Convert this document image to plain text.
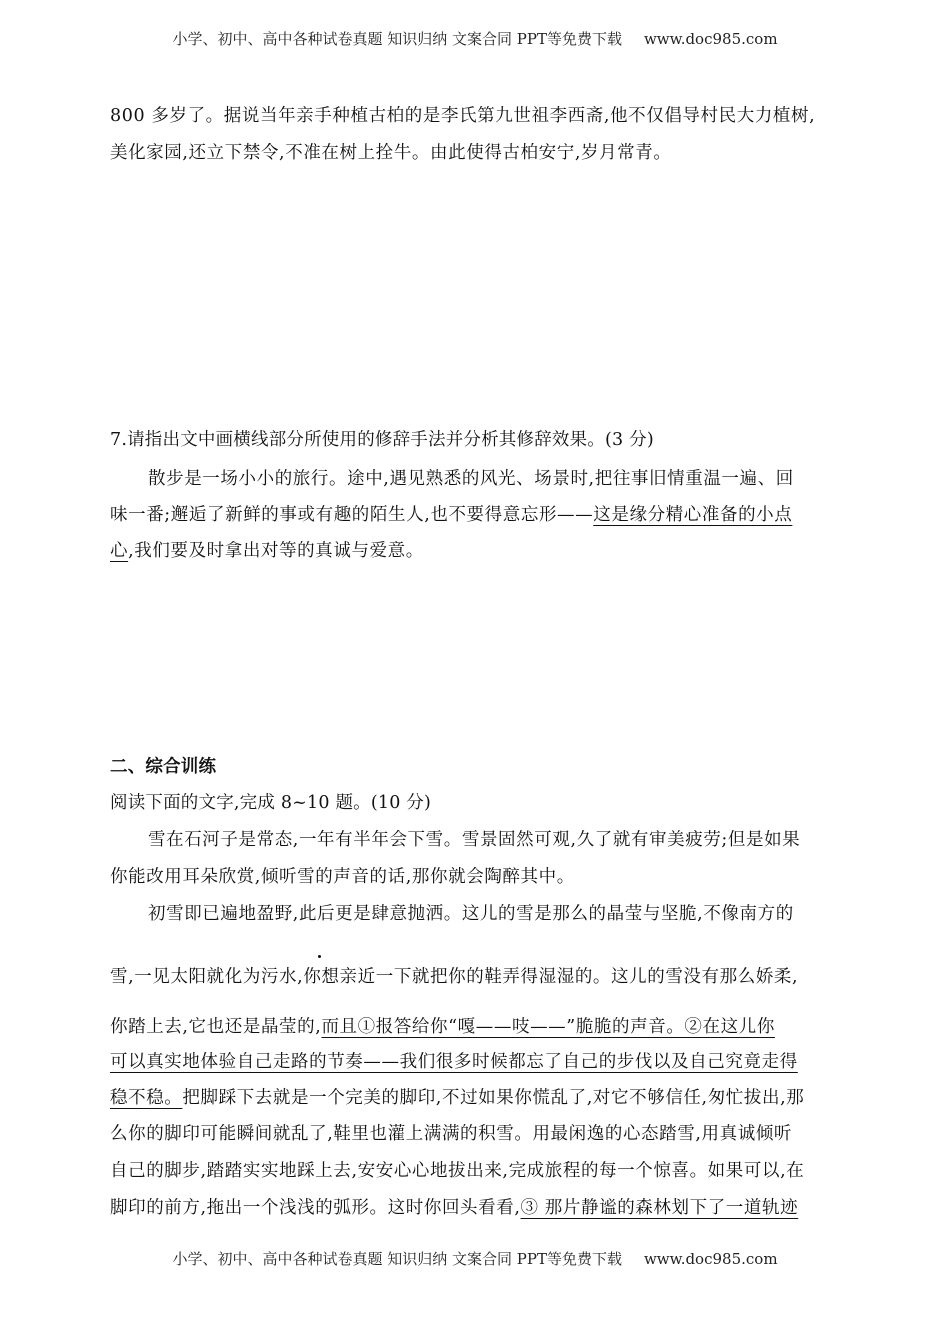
小学、初中、高中各种试卷真题 知识归纳 文案合同 PPT等免费下载 www.doc985.com
800 多岁了。据说当年亲手种植古柏的是李氏第九世祖李西斋,他不仅倡导村民大力植树,
美化家园,还立下禁令,不准在树上拴牛。由此使得古柏安宁,岁月常青。
7.请指出文中画横线部分所使用的修辞手法并分析其修辞效果。(3 分)
散步是一场小小的旅行。途中,遇见熟悉的风光、场景时,把往事旧情重温一遍、回
味一番;邂逅了新鲜的事或有趣的陌生人,也不要得意忘形——这是缘分精心准备的小点
心,我们要及时拿出对等的真诚与爱意。
二、综合训练
阅读下面的文字,完成 8~10 题。(10 分)
雪在石河子是常态,一年有半年会下雪。雪景固然可观,久了就有审美疲劳;但是如果
你能改用耳朵欣赏,倾听雪的声音的话,那你就会陶醉其中。
初雪即已遍地盈野,此后更是肆意抛洒。这儿的雪是那么的晶莹与坚脆,不像南方的
雪,一见太阳就化为污水,你想亲近一下就把你的鞋弄得湿湿的。这儿的雪没有那么娇柔,
你踏上去,它也还是晶莹的,而且①报答给你“嘎——吱——”脆脆的声音。②在这儿你
可以真实地体验自己走路的节奏——我们很多时候都忘了自己的步伐以及自己究竟走得
稳不稳。把脚踩下去就是一个完美的脚印,不过如果你慌乱了,对它不够信任,匆忙拔出,那
么你的脚印可能瞬间就乱了,鞋里也灌上满满的积雪。用最闲逸的心态踏雪,用真诚倾听
自己的脚步,踏踏实实地踩上去,安安心心地拔出来,完成旅程的每一个惊喜。如果可以,在
脚印的前方,拖出一个浅浅的弧形。这时你回头看看,③ 那片静谧的森林划下了一道轨迹
小学、初中、高中各种试卷真题 知识归纳 文案合同 PPT等免费下载 www.doc985.com
